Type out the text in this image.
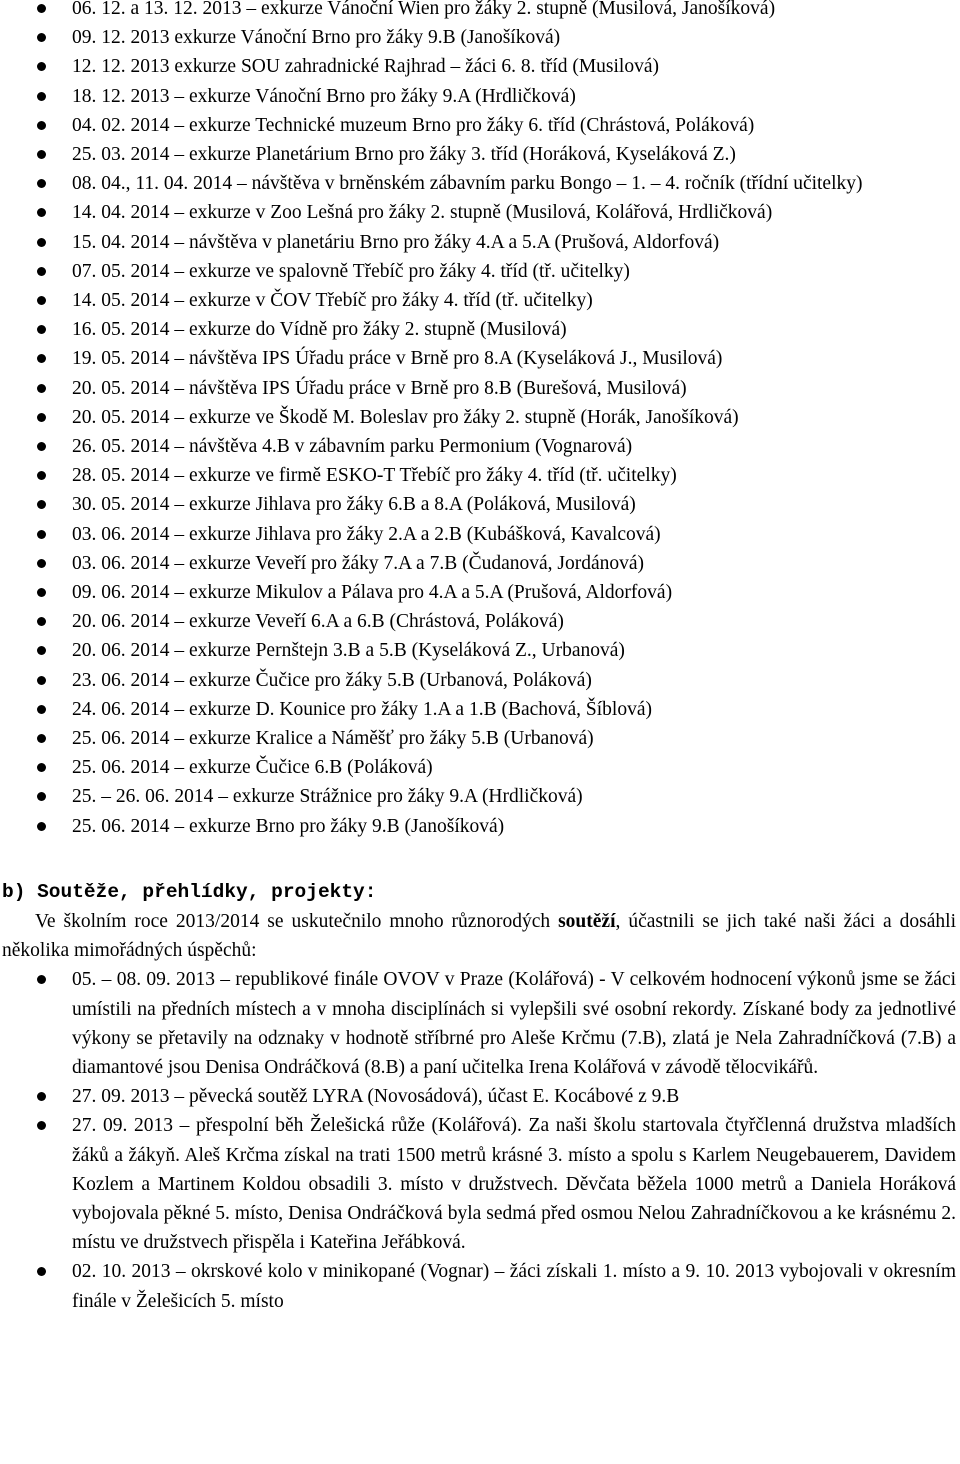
06. 12. a 13. 12. 2013 – exkurze Vánoční Wien pro žáky 2. stupně (Musilová, Janošíková)
09. 12. 2013 exkurze Vánoční Brno pro žáky 9.B (Janošíková)
12. 12. 2013 exkurze SOU zahradnické Rajhrad – žáci 6. 8. tříd (Musilová)
18. 12. 2013 – exkurze Vánoční Brno pro žáky 9.A (Hrdličková)
04. 02. 2014 – exkurze Technické muzeum Brno pro žáky 6. tříd (Chrástová, Poláková)
25. 03. 2014 – exkurze Planetárium Brno pro žáky 3. tříd (Horáková, Kyseláková Z.)
08. 04., 11. 04. 2014 – návštěva v brněnském zábavním parku Bongo – 1. – 4. ročník (třídní učitelky)
14. 04. 2014 – exkurze v Zoo Lešná pro žáky 2. stupně (Musilová, Kolářová, Hrdličková)
15. 04. 2014 – návštěva v planetáriu Brno pro žáky 4.A a 5.A (Prušová, Aldorfová)
07. 05. 2014 – exkurze ve spalovně Třebíč pro žáky 4. tříd (tř. učitelky)
14. 05. 2014 – exkurze v ČOV Třebíč pro žáky 4. tříd (tř. učitelky)
16. 05. 2014 – exkurze do Vídně pro žáky 2. stupně (Musilová)
19. 05. 2014 – návštěva IPS Úřadu práce v Brně pro 8.A (Kyseláková J., Musilová)
20. 05. 2014 – návštěva IPS Úřadu práce v Brně pro 8.B (Burešová, Musilová)
20. 05. 2014 – exkurze ve Škodě M. Boleslav pro žáky 2. stupně (Horák, Janošíková)
26. 05. 2014 – návštěva 4.B v zábavním parku Permonium (Vognarová)
28. 05. 2014 – exkurze ve firmě ESKO-T Třebíč pro žáky 4. tříd (tř. učitelky)
30. 05. 2014 – exkurze Jihlava pro žáky 6.B a 8.A (Poláková, Musilová)
03. 06. 2014 – exkurze Jihlava pro žáky 2.A a 2.B (Kubášková, Kavalcová)
03. 06. 2014 – exkurze Veveří pro žáky 7.A a 7.B (Čudanová, Jordánová)
09. 06. 2014 – exkurze Mikulov a Pálava pro 4.A a 5.A (Prušová, Aldorfová)
20. 06. 2014 – exkurze Veveří 6.A a 6.B (Chrástová, Poláková)
20. 06. 2014 – exkurze Pernštejn 3.B a 5.B (Kyseláková Z., Urbanová)
23. 06. 2014 – exkurze Čučice pro žáky 5.B (Urbanová, Poláková)
24. 06. 2014 – exkurze D. Kounice pro žáky 1.A a 1.B (Bachová, Šíblová)
25. 06. 2014 – exkurze Kralice a Náměšť pro žáky 5.B (Urbanová)
25. 06. 2014 – exkurze Čučice 6.B (Poláková)
25. – 26. 06. 2014 – exkurze Strážnice pro žáky 9.A (Hrdličková)
25. 06. 2014 – exkurze Brno pro žáky 9.B (Janošíková)
b) Soutěže, přehlídky, projekty:

Ve školním roce 2013/2014 se uskutečnilo mnoho různorodých soutěží, účastnili se jich také naši žáci a dosáhli několika mimořádných úspěchů:

05. – 08. 09. 2013 – republikové finále OVOV v Praze (Kolářová) - V celkovém hodnocení výkonů jsme se žáci umístili na předních místech a v mnoha disciplínách si vylepšili své osobní rekordy. Získané body za jednotlivé výkony se přetavily na odznaky v hodnotě stříbrné pro Aleše Krčmu (7.B), zlatá je Nela Zahradníčková (7.B) a diamantové jsou Denisa Ondráčková (8.B) a paní učitelka Irena Kolářová v závodě tělocvikářů.
27. 09. 2013 – pěvecká soutěž LYRA (Novosádová), účast E. Kocábové z 9.B
27. 09. 2013 – přespolní běh Želešická růže (Kolářová). Za naši školu startovala čtyřčlenná družstva mladších žáků a žákyň. Aleš Krčma získal na trati 1500 metrů krásné 3. místo a spolu s Karlem Neugebauerem, Davidem Kozlem a Martinem Koldou obsadili 3. místo v družstvech. Děvčata běžela 1000 metrů a Daniela Horáková vybojovala pěkné 5. místo, Denisa Ondráčková byla sedmá před osmou Nelou Zahradníčkovou a ke krásnému 2. místu ve družstvech přispěla i Kateřina Jeřábková.
02. 10. 2013 – okrskové kolo v minikopané (Vognar) – žáci získali 1. místo a 9. 10. 2013 vybojovali v okresním finále v Želešicích 5. místo
